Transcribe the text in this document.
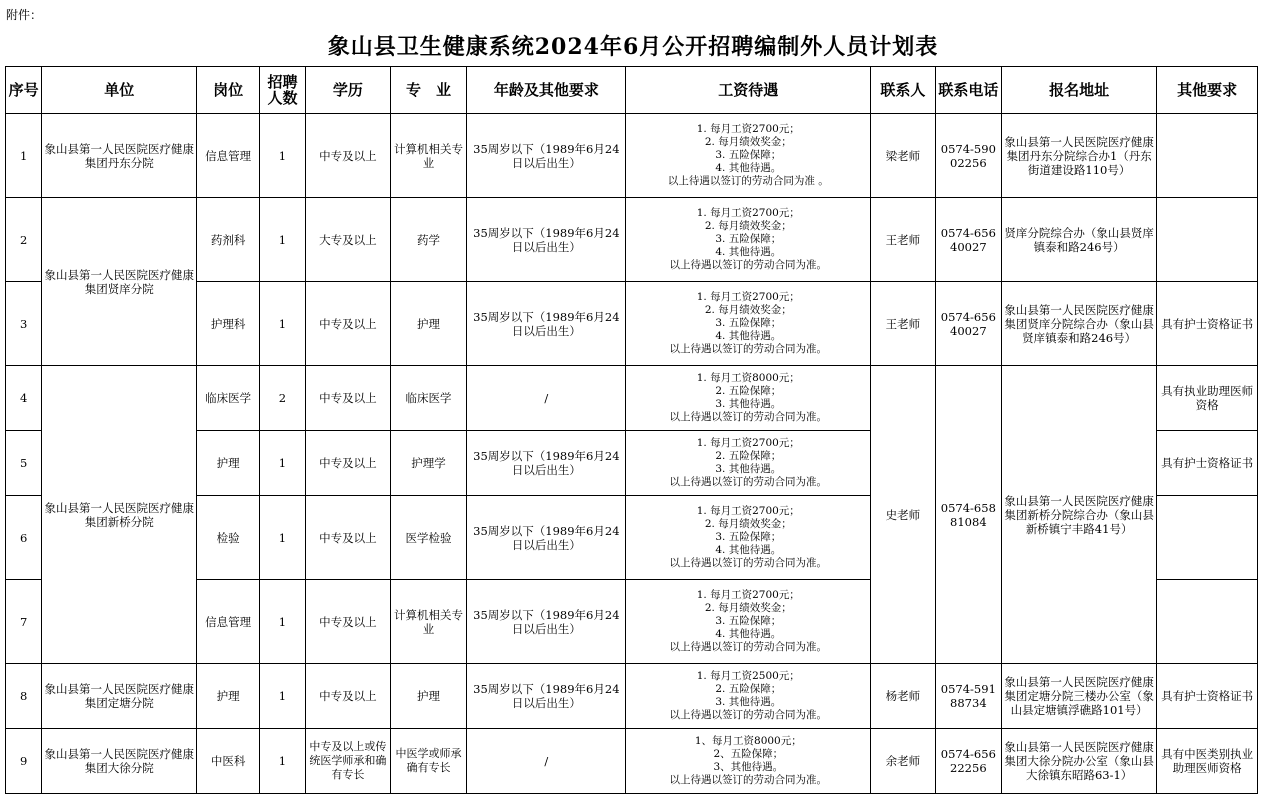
附件：
象山县卫生健康系统2024年6月公开招聘编制外人员计划表
序号	单位	岗位	招聘人数	学历	专　业	年龄及其他要求	工资待遇	联系人	联系电话	报名地址	其他要求
1	象山县第一人民医院医疗健康集团丹东分院	信息管理	1	中专及以上	计算机相关专业	35周岁以下（1989年6月24日以后出生）	1. 每月工资2700元；
2. 每月绩效奖金；
3. 五险保障；
4. 其他待遇。
以上待遇以签订的劳动合同为准 。	梁老师	0574-59002256	象山县第一人民医院医疗健康集团丹东分院综合办1（丹东街道建设路110号）	
2	象山县第一人民医院医疗健康集团贤庠分院	药剂科	1	大专及以上	药学	35周岁以下（1989年6月24日以后出生）	1. 每月工资2700元；
2. 每月绩效奖金；
3. 五险保障；
4. 其他待遇。
以上待遇以签订的劳动合同为准。	王老师	0574-65640027	贤庠分院综合办（象山县贤庠镇泰和路246号）	
3		护理科	1	中专及以上	护理	35周岁以下（1989年6月24日以后出生）	1. 每月工资2700元；
2. 每月绩效奖金；
3. 五险保障；
4. 其他待遇。
以上待遇以签订的劳动合同为准。	王老师	0574-65640027	象山县第一人民医院医疗健康集团贤庠分院综合办（象山县贤庠镇泰和路246号）	具有护士资格证书
4	象山县第一人民医院医疗健康集团新桥分院	临床医学	2	中专及以上	临床医学	/	1. 每月工资8000元；
2. 五险保障；
3. 其他待遇。
以上待遇以签订的劳动合同为准。	史老师	0574-65881084	象山县第一人民医院医疗健康集团新桥分院综合办（象山县新桥镇宁丰路41号）	具有执业助理医师资格
5		护理	1	中专及以上	护理学	35周岁以下（1989年6月24日以后出生）	1. 每月工资2700元；
2. 五险保障；
3. 其他待遇。
以上待遇以签订的劳动合同为准。				具有护士资格证书
6		检验	1	中专及以上	医学检验	35周岁以下（1989年6月24日以后出生）	1. 每月工资2700元；
2. 每月绩效奖金；
3. 五险保障；
4. 其他待遇。
以上待遇以签订的劳动合同为准。				

7		信息管理	1	中专及以上	计算机相关专业	35周岁以下（1989年6月24日以后出生）	1. 每月工资2700元；
2. 每月绩效奖金；
3. 五险保障；
4. 其他待遇。
以上待遇以签订的劳动合同为准。				

8	象山县第一人民医院医疗健康集团定塘分院	护理	1	中专及以上	护理	35周岁以下（1989年6月24日以后出生）	1. 每月工资2500元；
2. 五险保障；
3. 其他待遇。
以上待遇以签订的劳动合同为准。	杨老师	0574-59188734	象山县第一人民医院医疗健康集团定塘分院三楼办公室（象山县定塘镇浮礁路101号）	具有护士资格证书
9	象山县第一人民医院医疗健康集团大徐分院	中医科	1	中专及以上或传统医学师承和确有专长	中医学或师承确有专长	/	1、每月工资8000元；
2、五险保障；
3、其他待遇。
以上待遇以签订的劳动合同为准。	余老师	0574-65622256	象山县第一人民医院医疗健康集团大徐分院办公室（象山县大徐镇东昭路63-1）	具有中医类别执业助理医师资格
